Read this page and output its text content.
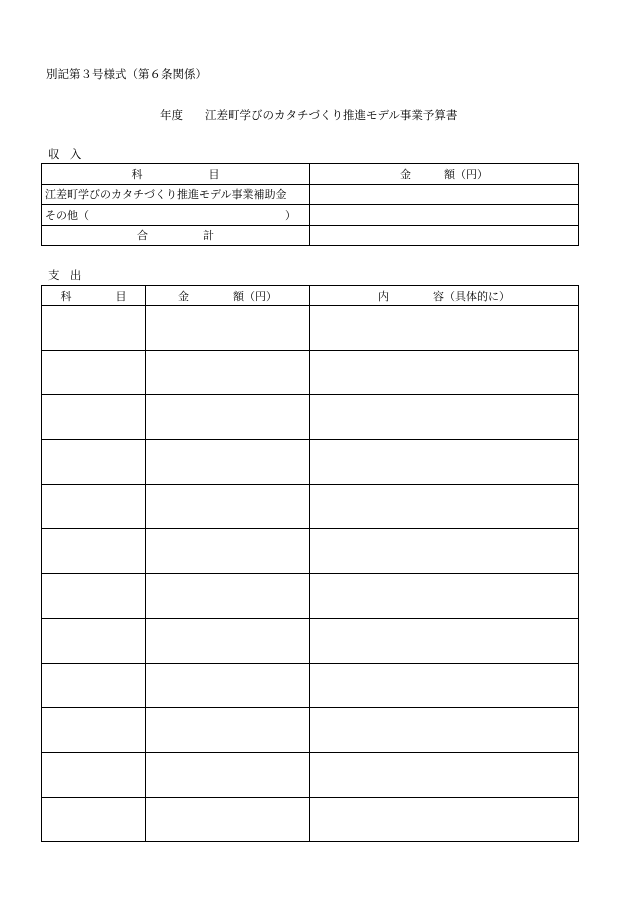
別記第３号様式（第６条関係）
年度 江差町学びのカタチづくり推進モデル事業予算書
収入
科　　　　　　目	金　　　額（円）

江差町学びのカタチづくり推進モデル事業補助金	

その他（ ）	

合　　　　　計	

支出
科　　　　目	金　　　　額（円）	内　　　　容（具体的に）
